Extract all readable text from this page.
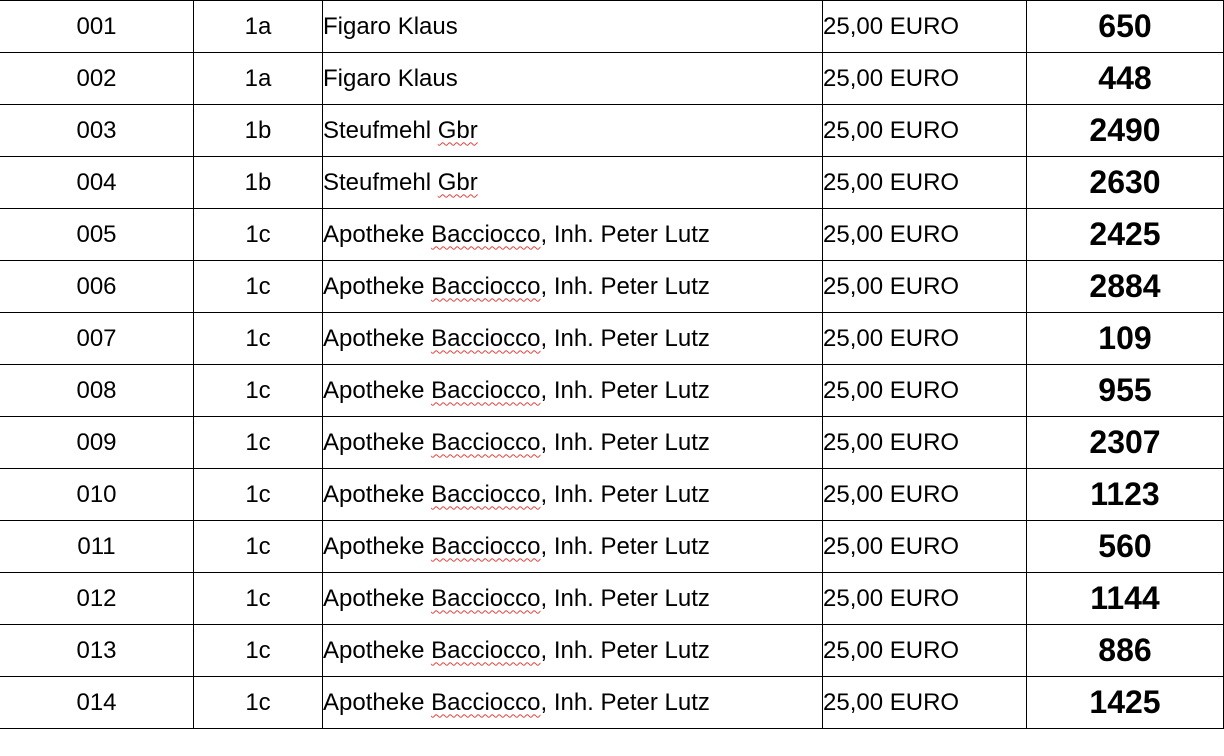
001	1a	Figaro Klaus	25,00 EURO	650
002	1a	Figaro Klaus	25,00 EURO	448
003	1b	Steufmehl Gbr	25,00 EURO	2490
004	1b	Steufmehl Gbr	25,00 EURO	2630
005	1c	Apotheke Bacciocco, Inh. Peter Lutz	25,00 EURO	2425
006	1c	Apotheke Bacciocco, Inh. Peter Lutz	25,00 EURO	2884
007	1c	Apotheke Bacciocco, Inh. Peter Lutz	25,00 EURO	109
008	1c	Apotheke Bacciocco, Inh. Peter Lutz	25,00 EURO	955
009	1c	Apotheke Bacciocco, Inh. Peter Lutz	25,00 EURO	2307
010	1c	Apotheke Bacciocco, Inh. Peter Lutz	25,00 EURO	1123
011	1c	Apotheke Bacciocco, Inh. Peter Lutz	25,00 EURO	560
012	1c	Apotheke Bacciocco, Inh. Peter Lutz	25,00 EURO	1144
013	1c	Apotheke Bacciocco, Inh. Peter Lutz	25,00 EURO	886
014	1c	Apotheke Bacciocco, Inh. Peter Lutz	25,00 EURO	1425
